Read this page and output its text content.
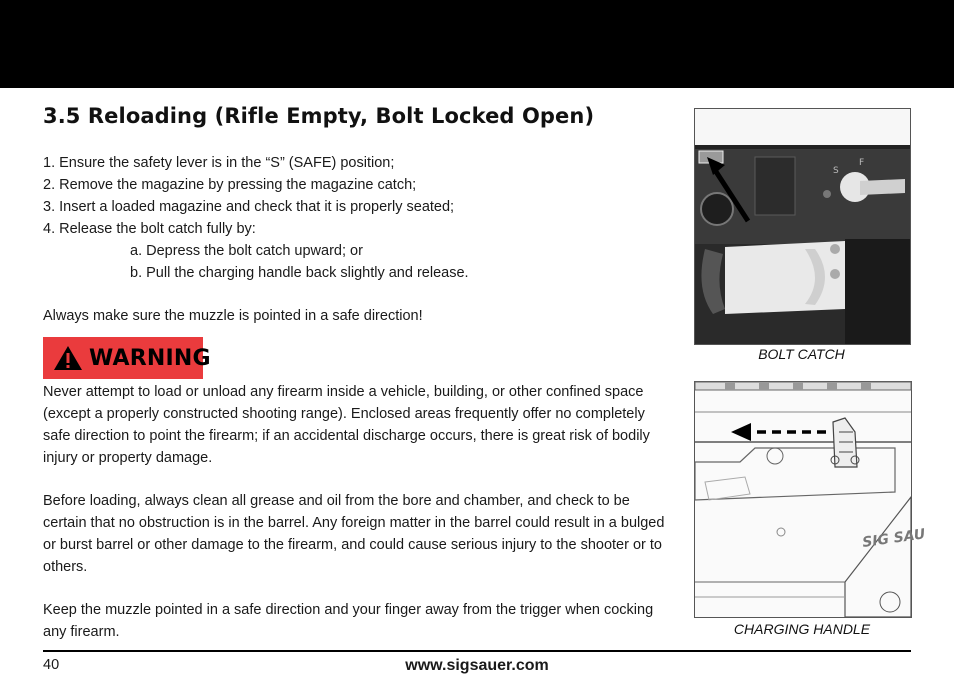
3.5 Reloading (Rifle Empty, Bolt Locked Open)
1. Ensure the safety lever is in the “S” (SAFE) position;
2. Remove the magazine by pressing the magazine catch;
3. Insert a loaded magazine and check that it is properly seated;
4. Release the bolt catch fully by:
a. Depress the bolt catch upward; or
b. Pull the charging handle back slightly and release.
Always make sure the muzzle is pointed in a safe direction!
WARNING
Never attempt to load or unload any firearm inside a vehicle, building, or other confined space (except a properly constructed shooting range). Enclosed areas frequently offer no completely safe direction to point the firearm; if an accidental discharge occurs, there is great risk of bodily injury or property damage.
Before loading, always clean all grease and oil from the bore and chamber, and check to be certain that no obstruction is in the barrel. Any foreign matter in the barrel could result in a bulged or burst barrel or other damage to the firearm, and could cause serious injury to the shooter or to others.
Keep the muzzle pointed in a safe direction and your finger away from the trigger when cocking any firearm.
S
F
BOLT CATCH
SIG SAU
CHARGING HANDLE
40	www.sigsauer.com
